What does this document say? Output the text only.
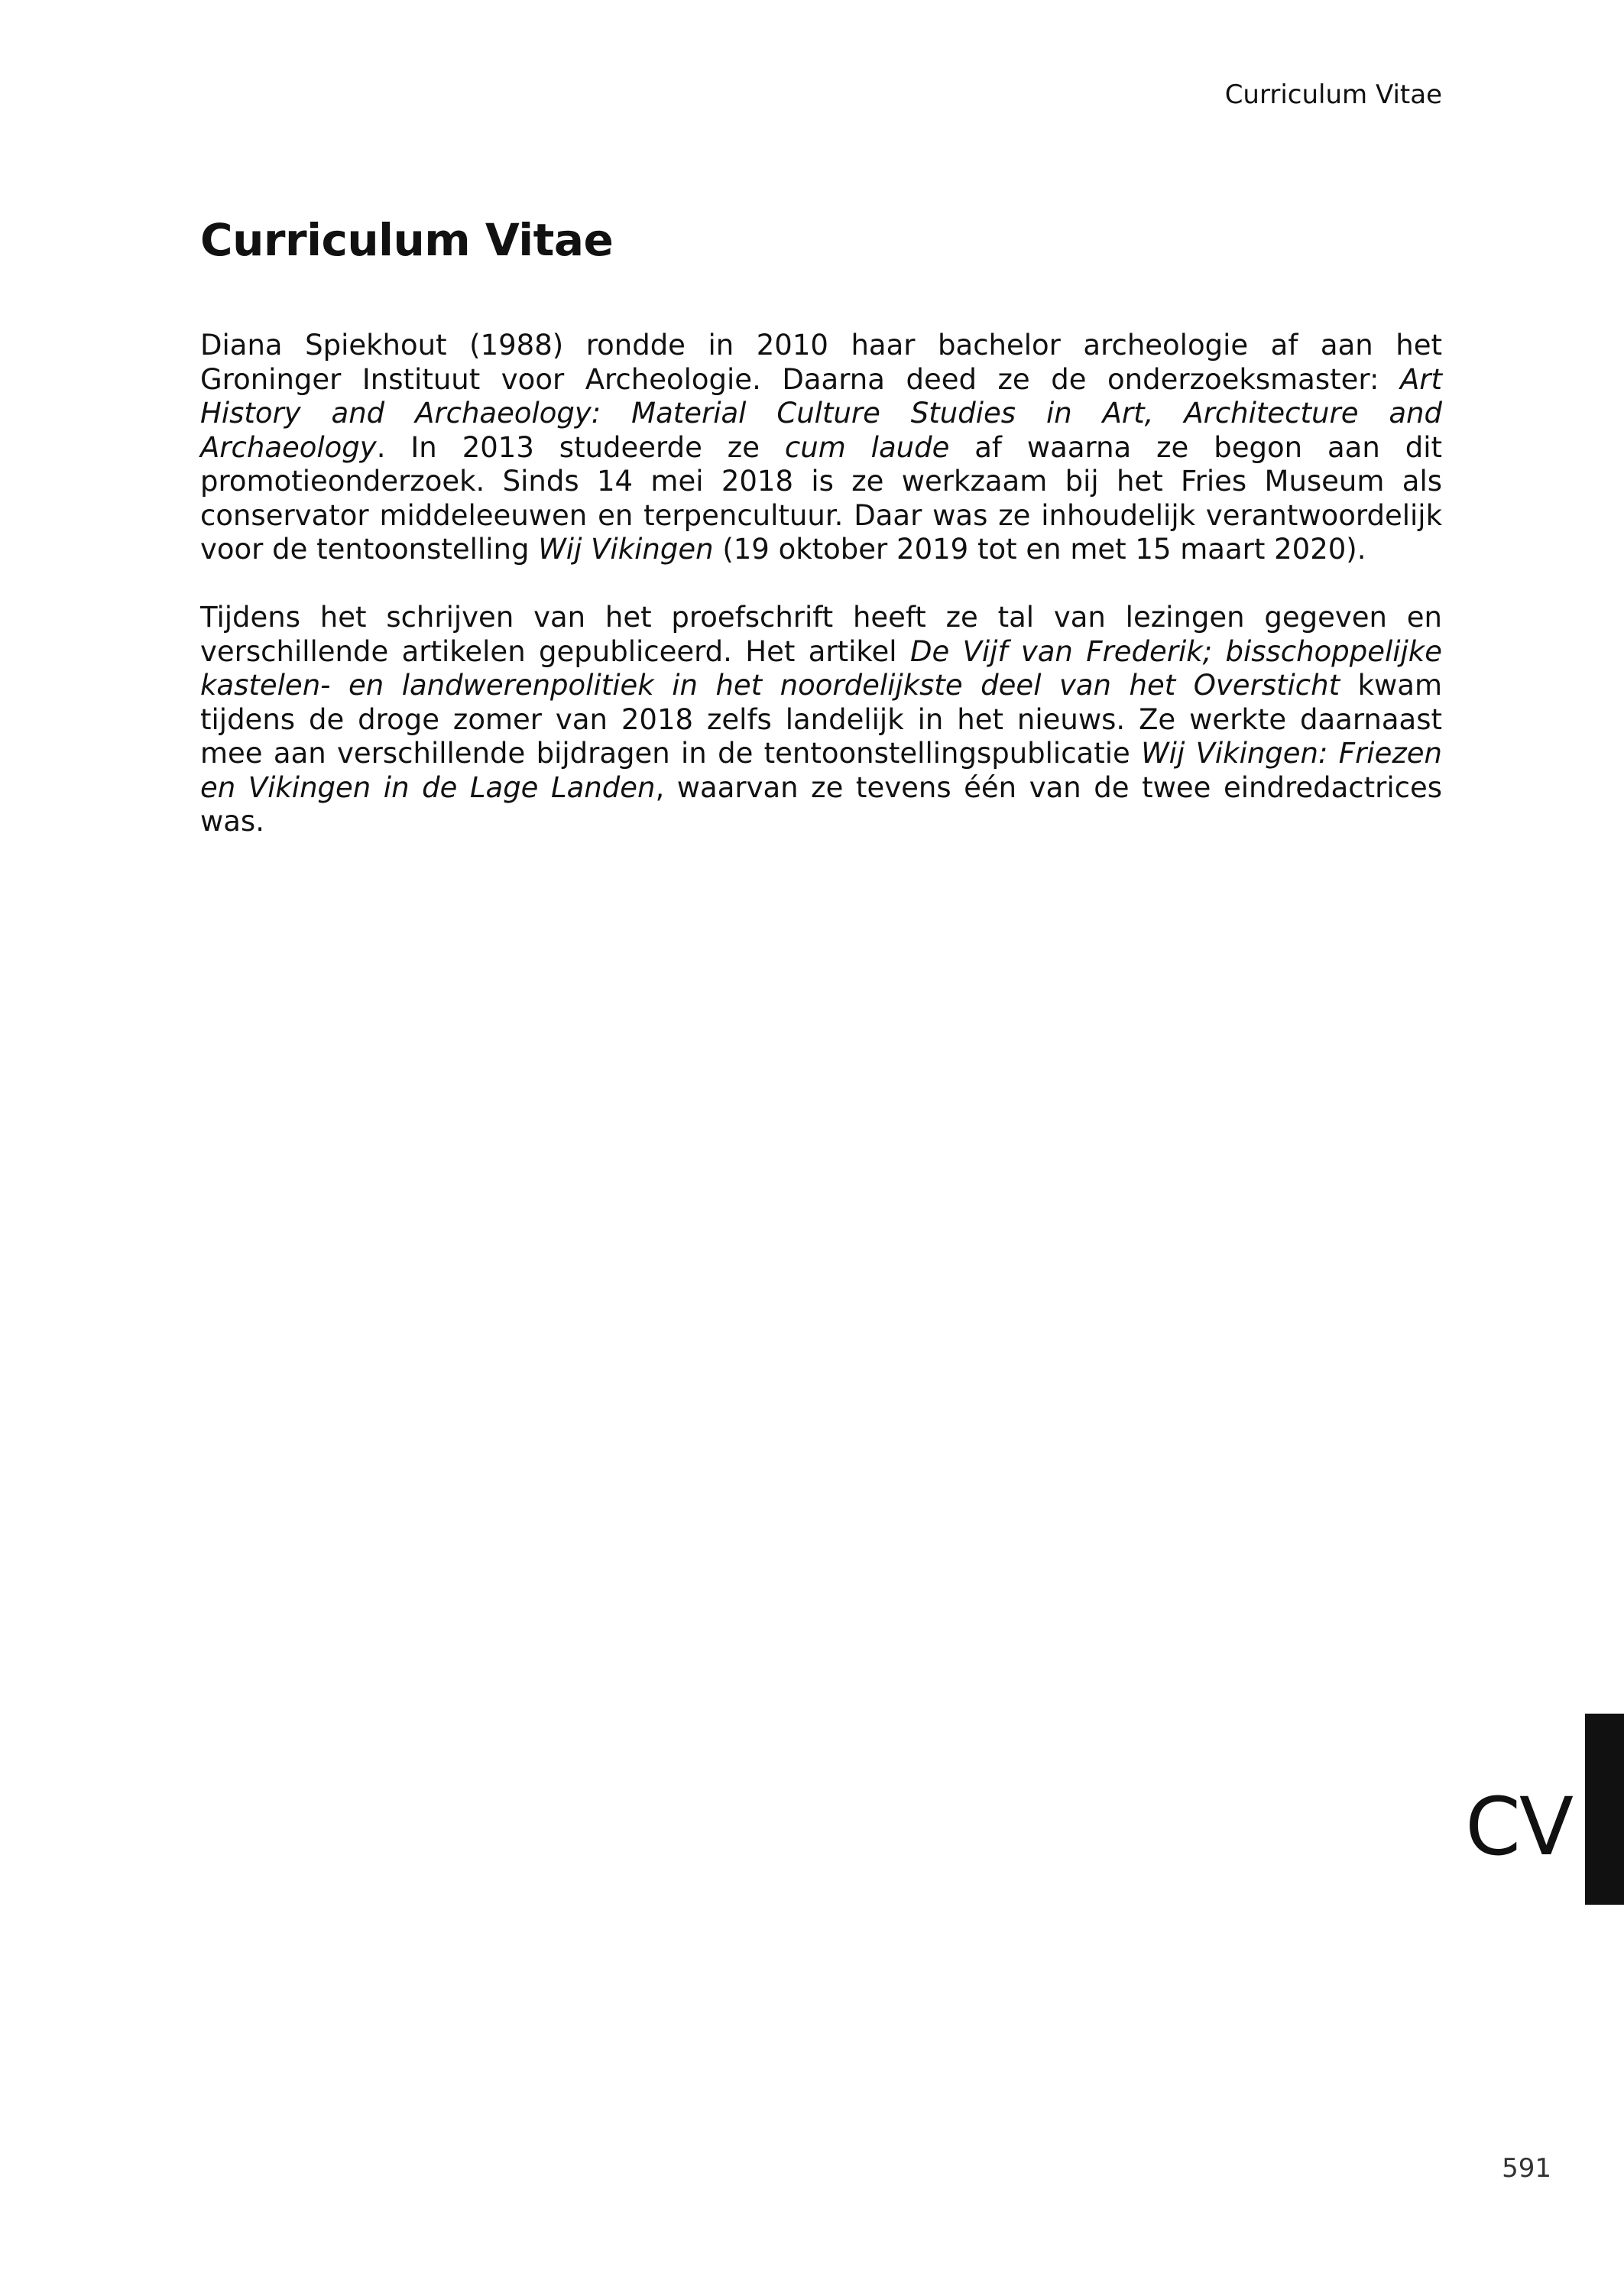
Curriculum Vitae
Curriculum Vitae

Diana Spiekhout (1988) rondde in 2010 haar bachelor archeologie af aan het Groninger Instituut voor Archeologie. Daarna deed ze de onderzoeksmaster: Art History and Archaeology: Material Culture Studies in Art, Architecture and Archaeology. In 2013 studeerde ze cum laude af waarna ze begon aan dit promotieonderzoek. Sinds 14 mei 2018 is ze werkzaam bij het Fries Museum als conservator middeleeuwen en terpencultuur. Daar was ze inhoudelijk verantwoordelijk voor de tentoonstelling Wij Vikingen (19 oktober 2019 tot en met 15 maart 2020).

Tijdens het schrijven van het proefschrift heeft ze tal van lezingen gegeven en verschillende artikelen gepubliceerd. Het artikel De Vijf van Frederik; bisschoppelijke kastelen- en landwerenpolitiek in het noordelijkste deel van het Oversticht kwam tijdens de droge zomer van 2018 zelfs landelijk in het nieuws. Ze werkte daarnaast mee aan verschillende bijdragen in de tentoonstellingspublicatie Wij Vikingen: Friezen en Vikingen in de Lage Landen, waarvan ze tevens één van de twee eindredactrices was.

CV
591
